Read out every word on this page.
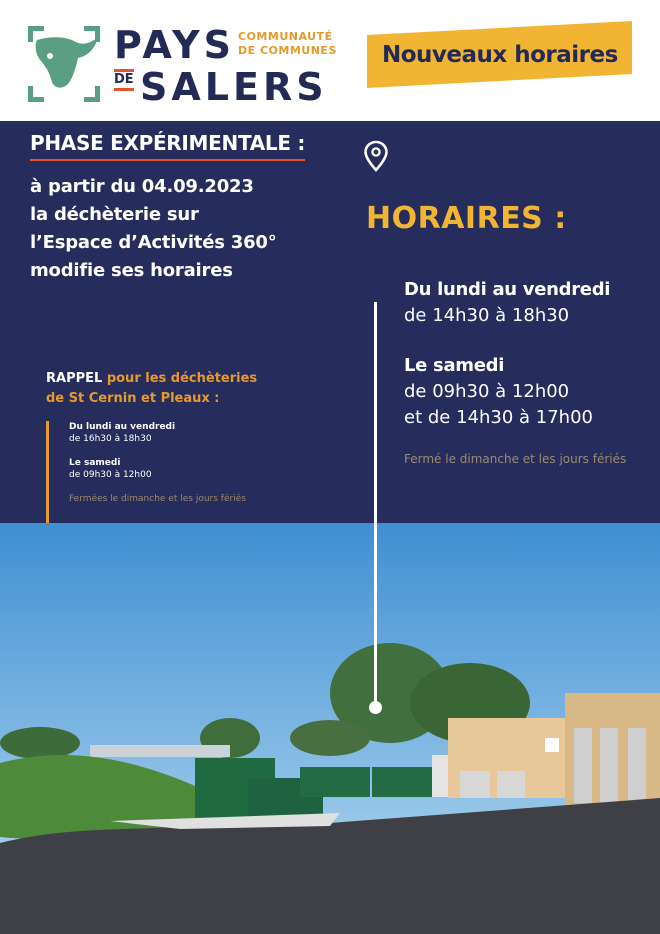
PAYS COMMUNAUTÉ
DE COMMUNES
DE SALERS
Nouveaux horaires
PHASE EXPÉRIMENTALE :
à partir du 04.09.2023
la déchèterie sur
l’Espace d’Activités 360°
modifie ses horaires
RAPPEL pour les déchèteries
de St Cernin et Pleaux :
Du lundi au vendredi
de 16h30 à 18h30
Le samedi
de 09h30 à 12h00
Fermées le dimanche et les jours fériés
HORAIRES :
Du lundi au vendredi
de 14h30 à 18h30
Le samedi
de 09h30 à 12h00
et de 14h30 à 17h00
Fermé le dimanche et les jours fériés
